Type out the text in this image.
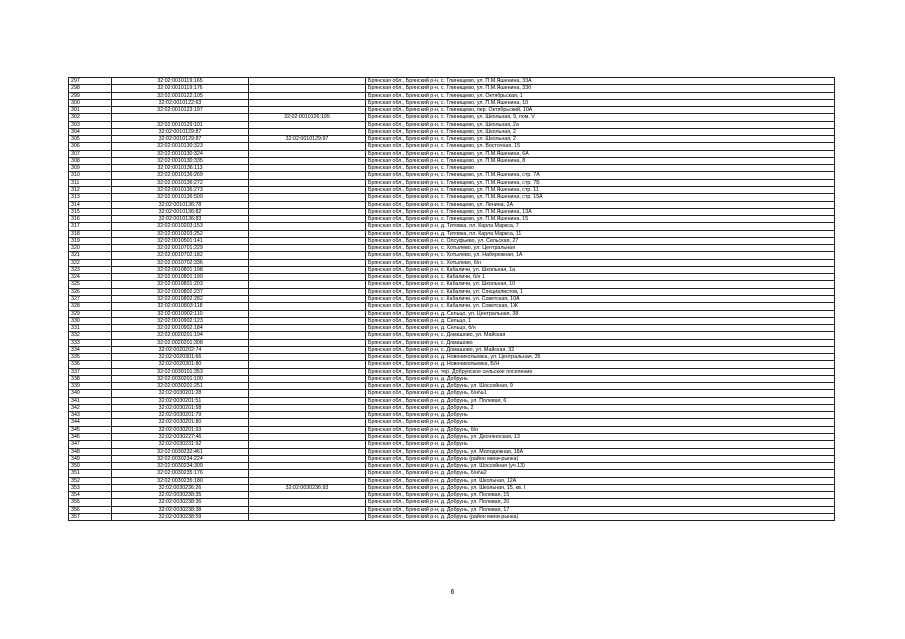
297	32:02:0010119:165		Брянская обл., Брянский р-н, с. Глинищево, ул. П.М.Яшенина, 33А
298	32:02:0010119:176		Брянская обл., Брянский р-н, с. Глинищево, ул. П.М.Яшенина, 33б
299	32:02:0010122:105		Брянская обл., Брянский р-н, с. Глинищево, ул. Октябрьская, 1
300	32:02:0010122:63		Брянская обл., Брянский р-н, с. Глинищево, ул. П.М.Яшенина, 10
301	32:02:0010123:197		Брянская обл., Брянский р-н, с. Глинищево, пер. Октябрьский, 10А
302		32:02:0010126:195	Брянская обл., Брянский р-н, с. Глинищево, ул. Школьная, 9, пом. V
303	32:02:0010129:101		Брянская обл., Брянский р-н, с. Глинищево, ул. Школьная, 2а
304	32:02:0010129:87		Брянская обл., Брянский р-н, с. Глинищево, ул. Школьная, 2
305	32:02:0010129:87	32:02:0010129:97	Брянская обл., Брянский р-н, с. Глинищево, ул. Школьная, 2
306	32:02:0010130:323		Брянская обл., Брянский р-н, с. Глинищево, ул. Восточная, 15
307	32:02:0010130:324		Брянская обл., Брянский р-н, с. Глинищево, ул. П.М.Яшенина, 6А
308	32:02:0010130:335		Брянская обл., Брянский р-н, с. Глинищево, ул. П.М.Яшенина, 8
309	32:02:0010136:113		Брянская обл., Брянский р-н, с. Глинищево
310	32:02:0010136:269		Брянская обл., Брянский р-н, с. Глинищево, ул. П.М.Яшенина, стр. 7А
311	32:02:0010136:272		Брянская обл., Брянский р-н, с. Глинищево, ул. П.М.Яшенина, стр. 7Б
312	32:02:0010136:273		Брянская обл., Брянский р-н, с. Глинищево, ул. П.М.Яшенина, стр. 11
313	32:02:0010136:509		Брянская обл., Брянский р-н, с. Глинищево, ул. П.М.Яшенина, стр. 15А
314	32:02:0010136:78		Брянская обл., Брянский р-н, с. Глинищево, ул. Ленина, 2А
315	32:02:0010136:82		Брянская обл., Брянский р-н, с. Глинищево, ул. П.М.Яшенина, 13А
316	32:02:0010136:83		Брянская обл., Брянский р-н, с. Глинищево, ул. П.М.Яшенина, 15
317	32:02:0010203:153		Брянская обл., Брянский р-н, д. Титовка, пл. Карла Маркса, 7
318	32:02:0010203:252		Брянская обл., Брянский р-н, д. Титовка, пл. Карла Маркса, 11
319	32:02:0010501:141		Брянская обл., Брянский р-н, с. Олсуфьево, ул. Сельская, 27
320	32:02:0010701:229		Брянская обл., Брянский р-н, с. Хотылево, ул. Центральная
321	32:02:0010702:182		Брянская обл., Брянский р-н, с. Хотылево, ул. Набережная, 1А
322	32:02:0010702:336		Брянская обл., Брянский р-н, с. Хотылево, б/н
323	32:02:0010801:198		Брянская обл., Брянский р-н, с. Кабаличи, ул. Школьная, 1а
324	32:02:0010801:199		Брянская обл., Брянский р-н, с. Кабаличи, б/н 1
325	32:02:0010801:203		Брянская обл., Брянский р-н, с. Кабаличи, ул. Школьная, 10
326	32:02:0010802:237		Брянская обл., Брянский р-н, с. Кабаличи, ул. Специалистов, 1
327	32:02:0010802:282		Брянская обл., Брянский р-н, с. Кабаличи, ул. Советская, 10А
328	32:02:0010803:118		Брянская обл., Брянский р-н, с. Кабаличи, ул. Советская, 1Ж
329	32:02:0010902:110		Брянская обл., Брянский р-н, д. Сельцо, ул. Центральная, 38
330	32:02:0010902:123		Брянская обл., Брянский р-н, д. Сельцо, 1
331	32:02:0010902:184		Брянская обл., Брянский р-н, д. Сельцо, б/н
332	32:02:0020201:194		Брянская обл., Брянский р-н, с. Домашово, ул. Майская
333	32:02:0020201:308		Брянская обл., Брянский р-н, с. Домашово
334	32:02:0020202:74		Брянская обл., Брянский р-н, с. Домашово, ул. Майская, 32
335	32:02:0020301:66		Брянская обл., Брянский р-н, д. Новоникольевка, ул. Центральная, 35
336	32:02:0020301:80		Брянская обл., Брянский р-н, д. Новоникольевка, Б/Н
337	32:02:0030101:353		Брянская обл., Брянский р-н, тер. Добрунское сельское поселение
338	32:02:0030201:100		Брянская обл., Брянский р-н, д. Добрунь
339	32:02:0030201:251		Брянская обл., Брянский р-н, д. Добрунь, ул. Шоссейная, 9
340	32:02:0030201:28		Брянская обл., Брянский р-н, д. Добрунь, б/н№1
341	32:02:0030201:51		Брянская обл., Брянский р-н, д. Добрунь, ул. Полевая, 6
342	32:02:0030201:58		Брянская обл., Брянский р-н, д. Добрунь, 2
343	32:02:0030201:79		Брянская обл., Брянский р-н, д. Добрунь
344	32:02:0030201:80		Брянская обл., Брянский р-н, д. Добрунь
345	32:02:0030201:93		Брянская обл., Брянский р-н, д. Добрунь, б/н
346	32:02:0030227:46		Брянская обл., Брянский р-н, д. Добрунь, ул. Десняноская, 13
347	32:02:0030231:92		Брянская обл., Брянский р-н, д. Добрунь
348	32:02:0030232:461		Брянская обл., Брянский р-н, д. Добрунь, ул. Молодежная, 18А
349	32:02:0030234:224		Брянская обл., Брянский р-н, д. Добрунь (район мини-рынка)
350	32:02:0030234:309		Брянская обл., Брянский р-н, д. Добрунь, ул. Шоссейная (уч.13)
351	32:02:0030235:176		Брянская обл., Брянский р-н, д. Добрунь, б/н№2
352	32:02:0030235:180		Брянская обл., Брянский р-н, д. Добрунь, ул. Школьная, 12А
353	32:02:0030236:26	32:02:0030236:93	Брянская обл., Брянский р-н, д. Добрунь, ул. Школьная, 15, кв. I
354	32:02:0030238:35		Брянская обл., Брянский р-н, д. Добрунь, ул. Полевая, 15
355	32:02:0030238:36		Брянская обл., Брянский р-н, д. Добрунь, ул. Полевая, 20
356	32:02:0030238:38		Брянская обл., Брянский р-н, д. Добрунь, ул. Полевая, 17
357	32:02:0030238:59		Брянская обл., Брянский р-н, д. Добрунь (район мини-рынка)
6
